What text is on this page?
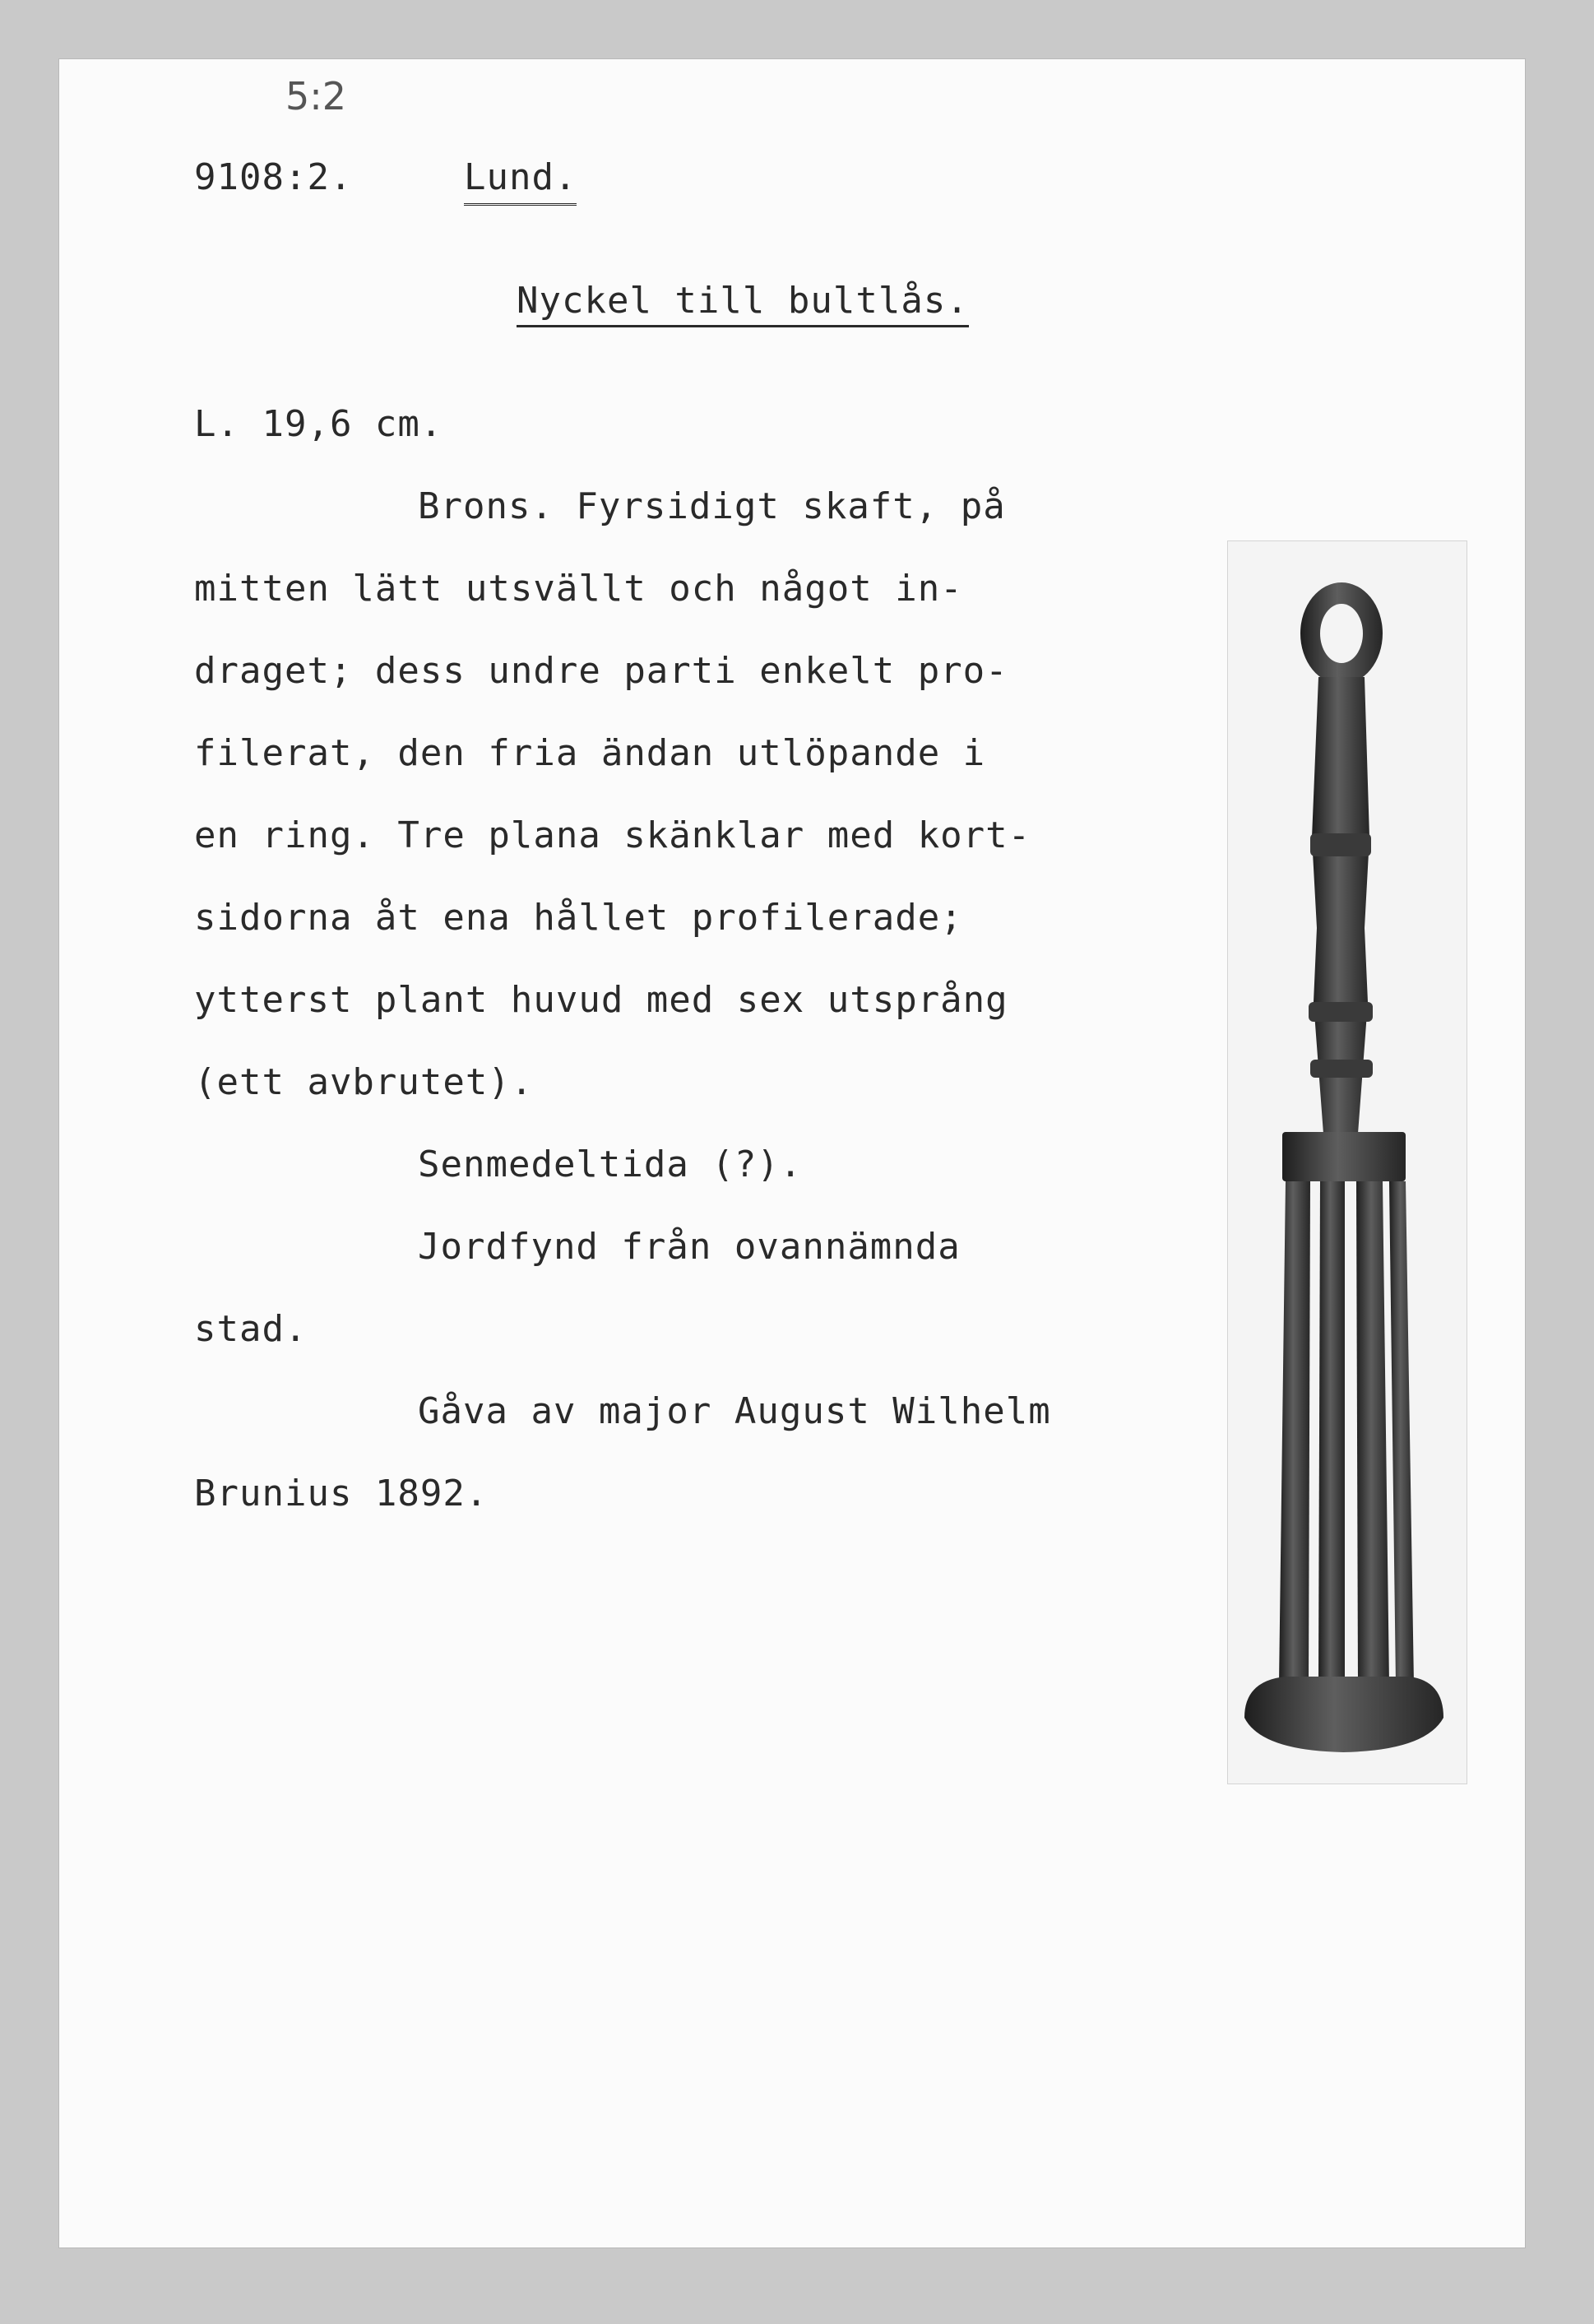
5:2
9108:2.	Lund.
Nyckel till bultlås.
L. 19,6 cm.
Brons. Fyrsidigt skaft, på
mitten lätt utsvällt och något in-
draget; dess undre parti enkelt pro-
filerat, den fria ändan utlöpande i
en ring. Tre plana skänklar med kort-
sidorna åt ena hållet profilerade;
ytterst plant huvud med sex utsprång
(ett avbrutet).
Senmedeltida (?).
Jordfynd från ovannämnda
stad.
Gåva av major August Wilhelm
Brunius 1892.
